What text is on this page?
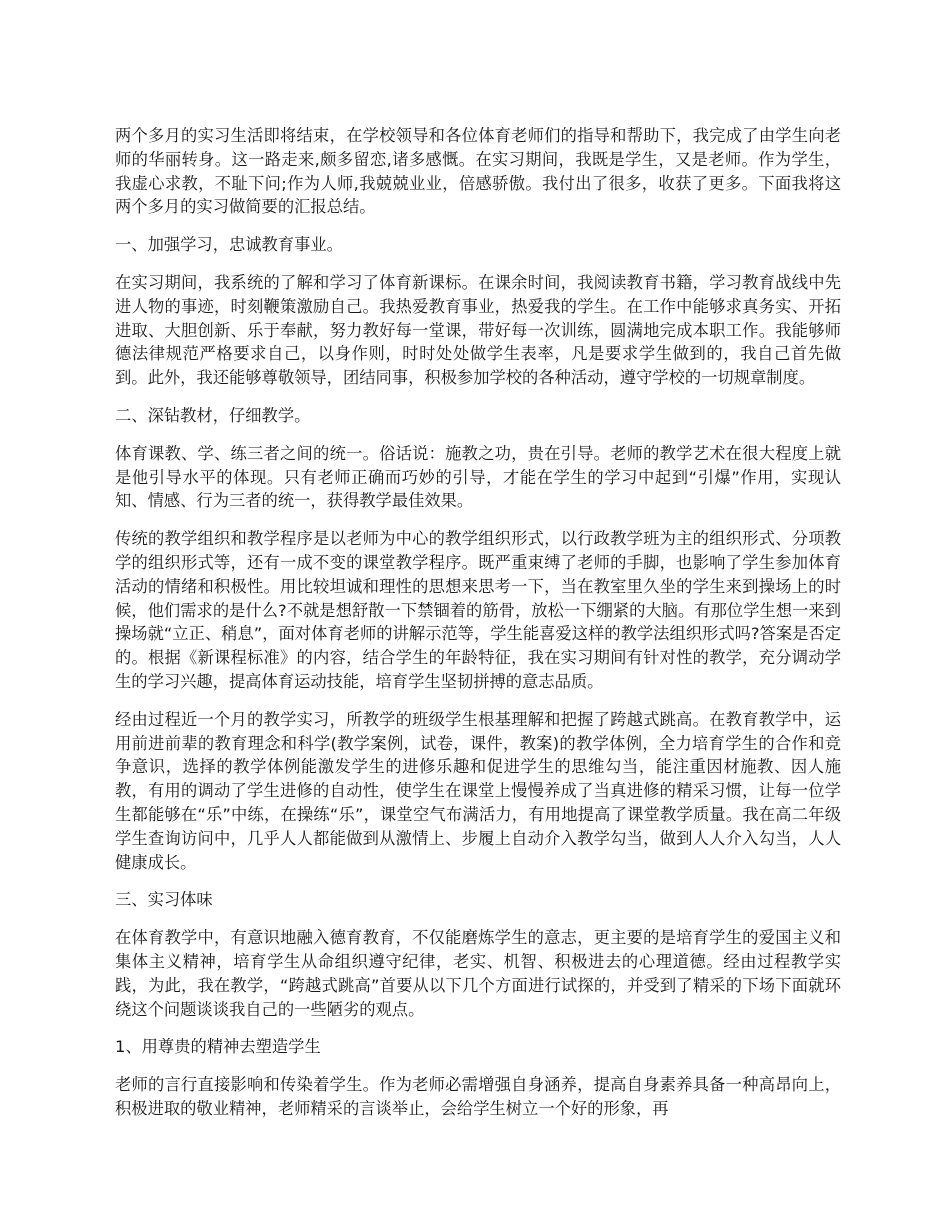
两个多月的实习生活即将结束，在学校领导和各位体育老师们的指导和帮助下，我完成了由学生向老师的华丽转身。这一路走来,颇多留恋,诸多感慨。在实习期间，我既是学生，又是老师。作为学生，我虚心求教，不耻下问;作为人师,我兢兢业业，倍感骄傲。我付出了很多，收获了更多。下面我将这两个多月的实习做简要的汇报总结。

一、加强学习，忠诚教育事业。

在实习期间，我系统的了解和学习了体育新课标。在课余时间，我阅读教育书籍，学习教育战线中先进人物的事迹，时刻鞭策激励自己。我热爱教育事业，热爱我的学生。在工作中能够求真务实、开拓进取、大胆创新、乐于奉献，努力教好每一堂课，带好每一次训练，圆满地完成本职工作。我能够师德法律规范严格要求自己，以身作则，时时处处做学生表率，凡是要求学生做到的，我自己首先做到。此外，我还能够尊敬领导，团结同事，积极参加学校的各种活动，遵守学校的一切规章制度。

二、深钻教材，仔细教学。

体育课教、学、练三者之间的统一。俗话说：施教之功，贵在引导。老师的教学艺术在很大程度上就是他引导水平的体现。只有老师正确而巧妙的引导，才能在学生的学习中起到“引爆”作用，实现认知、情感、行为三者的统一，获得教学最佳效果。

传统的教学组织和教学程序是以老师为中心的教学组织形式，以行政教学班为主的组织形式、分项教学的组织形式等，还有一成不变的课堂教学程序。既严重束缚了老师的手脚，也影响了学生参加体育活动的情绪和积极性。用比较坦诚和理性的思想来思考一下，当在教室里久坐的学生来到操场上的时候，他们需求的是什么?不就是想舒散一下禁锢着的筋骨，放松一下绷紧的大脑。有那位学生想一来到操场就“立正、稍息”，面对体育老师的讲解示范等，学生能喜爱这样的教学法组织形式吗?答案是否定的。根据《新课程标准》的内容，结合学生的年龄特征，我在实习期间有针对性的教学，充分调动学生的学习兴趣，提高体育运动技能，培育学生坚韧拼搏的意志品质。

经由过程近一个月的教学实习，所教学的班级学生根基理解和把握了跨越式跳高。在教育教学中，运用前进前辈的教育理念和科学(教学案例，试卷，课件，教案)的教学体例，全力培育学生的合作和竞争意识，选择的教学体例能激发学生的进修乐趣和促进学生的思维勾当，能注重因材施教、因人施教，有用的调动了学生进修的自动性，使学生在课堂上慢慢养成了当真进修的精采习惯，让每一位学生都能够在“乐”中练，在操练“乐”，课堂空气布满活力，有用地提高了课堂教学质量。我在高二年级学生查询访问中，几乎人人都能做到从激情上、步履上自动介入教学勾当，做到人人介入勾当，人人健康成长。

三、实习体味

在体育教学中，有意识地融入德育教育，不仅能磨炼学生的意志，更主要的是培育学生的爱国主义和集体主义精神，培育学生从命组织遵守纪律，老实、机智、积极进去的心理道德。经由过程教学实践，为此，我在教学，“跨越式跳高”首要从以下几个方面进行试探的，并受到了精采的下场下面就环绕这个问题谈谈我自己的一些陋劣的观点。

1、用尊贵的精神去塑造学生

老师的言行直接影响和传染着学生。作为老师必需增强自身涵养，提高自身素养具备一种高昂向上，积极进取的敬业精神，老师精采的言谈举止，会给学生树立一个好的形象，再
